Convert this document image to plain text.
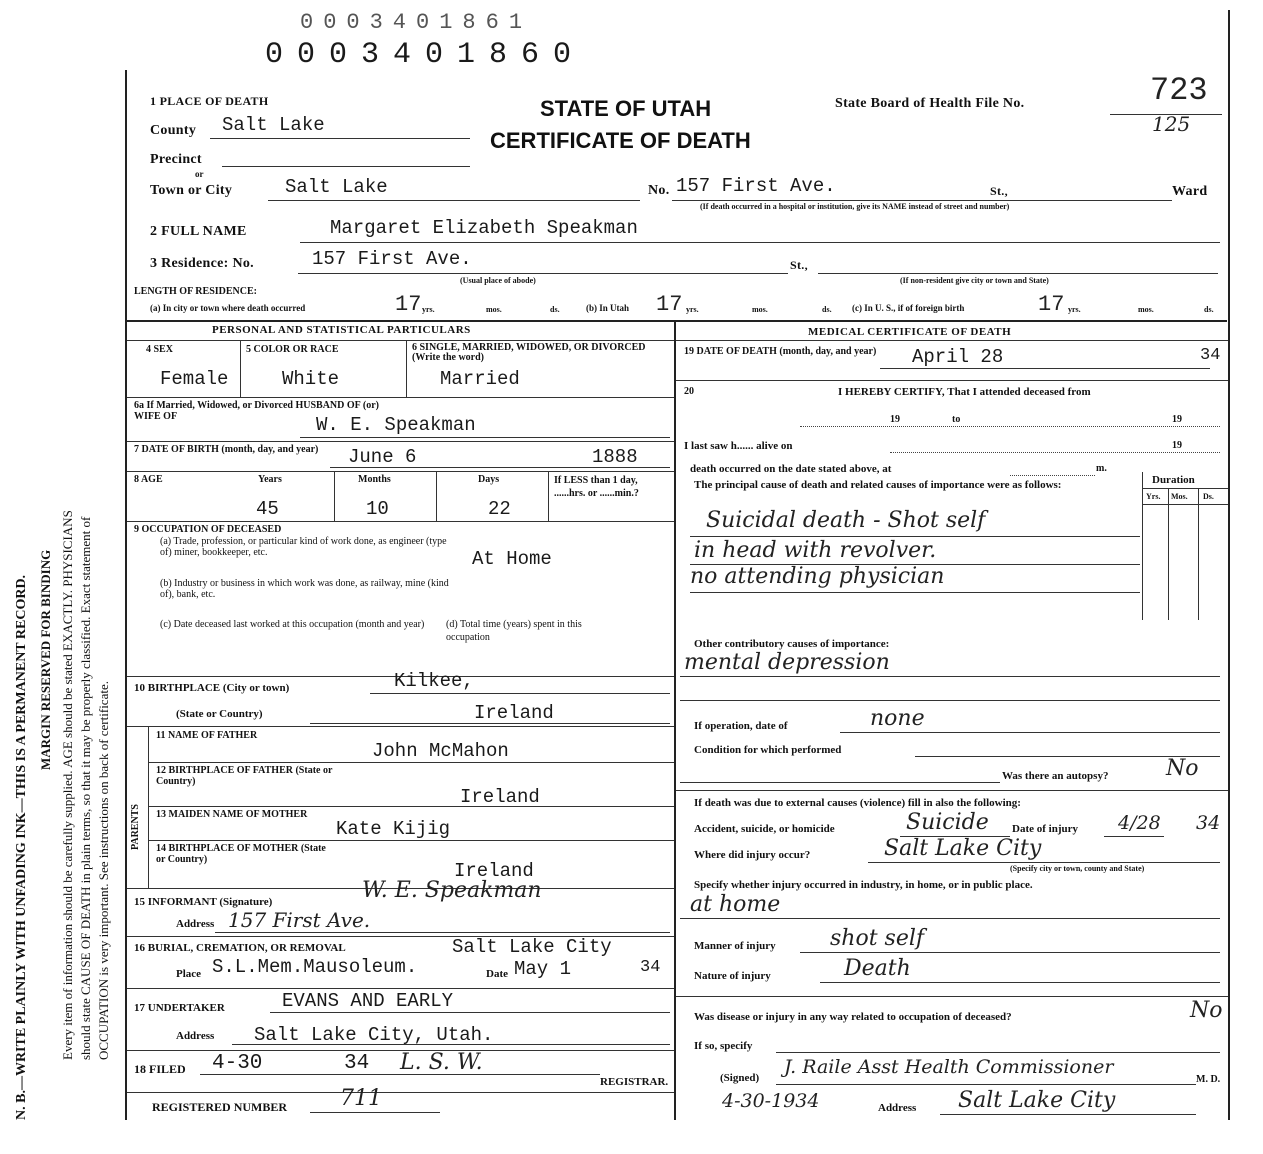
0003401861
0003401860
MARGIN RESERVED FOR BINDING
N. B.—WRITE PLAINLY WITH UNFADING INK—THIS IS A PERMANENT RECORD. Every item of information should be carefully supplied. AGE should be stated EXACTLY. PHYSICIANS should state CAUSE OF DEATH in plain terms, so that it may be properly classified. Exact statement of OCCUPATION is very important. See instructions on back of certificate.
1 PLACE OF DEATH	STATE OF UTAH
CERTIFICATE OF DEATH
State Board of Health File No.	723
125
County Salt Lake
Precinct
or
Town or City	Salt Lake	No. 157 First Ave.	St.,	Ward
(If death occurred in a hospital or institution, give its NAME instead of street and number)
2 FULL NAME	Margaret Elizabeth Speakman
3 Residence: No.	157 First Ave.
(Usual place of abode)
St.,
(If non-resident give city or town and State)
LENGTH OF RESIDENCE:
(a) In city or town where death occurred	17 yrs.	mos.	ds.	(b) In Utah 17 yrs.	mos.	ds. (c) In U. S., if of foreign birth	17 yrs.	mos.	ds.
PERSONAL AND STATISTICAL PARTICULARS
4 SEX	5 COLOR OR RACE	6 SINGLE, MARRIED, WIDOWED, OR DIVORCED (Write the word)
Female	White	Married
6a If Married, Widowed, or Divorced HUSBAND OF (or) WIFE OF	W. E. Speakman
7 DATE OF BIRTH (month, day, and year) June 6	1888
8 AGE	Years	Months	Days	If LESS than 1 day, ......hrs. or ......min.?
45	10	22
9 OCCUPATION OF DECEASED
(a) Trade, profession, or particular kind of work done, as engineer (type of) miner, bookkeeper, etc.	At Home
(b) Industry or business in which work was done, as railway, mine (kind of), bank, etc.
(c) Date deceased last worked at this occupation (month and year)	(d) Total time (years) spent in this occupation
10 BIRTHPLACE (City or town)	Kilkee,
(State or Country)	Ireland
PARENTS
11 NAME OF FATHER
John McMahon
12 BIRTHPLACE OF FATHER (State or Country)
Ireland
13 MAIDEN NAME OF MOTHER
Kate Kijig
14 BIRTHPLACE OF MOTHER (State or Country)
Ireland
15 INFORMANT (Signature)	W. E. Speakman
Address 157 First Ave.
16 BURIAL, CREMATION, OR REMOVAL	Salt Lake City
Place S.L.Mem.Mausoleum.	Date May 1	34
17 UNDERTAKER	EVANS AND EARLY
Address Salt Lake City, Utah.
18 FILED 4-30	34 L. S. W.
REGISTRAR.
REGISTERED NUMBER 711
MEDICAL CERTIFICATE OF DEATH
19 DATE OF DEATH (month, day, and year)	April 28	34
20	I HEREBY CERTIFY, That I attended deceased from
19	to	19
I last saw h...... alive on	19
death occurred on the date stated above, at	m.
The principal cause of death and related causes of importance were as follows:	Duration
Yrs. Mos. Ds.
Suicidal death - Shot self
in head with revolver.
no attending physician
Other contributory causes of importance:
mental depression
If operation, date of	none
Condition for which performed
Was there an autopsy?	No
If death was due to external causes (violence) fill in also the following:
Accident, suicide, or homicide	Suicide Date of injury 4/28 34
Where did injury occur?	Salt Lake City
(Specify city or town, county and State)
Specify whether injury occurred in industry, in home, or in public place.
at home
Manner of injury shot self
Nature of injury	Death
Was disease or injury in any way related to occupation of deceased?	No
If so, specify
(Signed) J. Raile Asst Health Commissioner
M. D.
4-30-1934	Address Salt Lake City
